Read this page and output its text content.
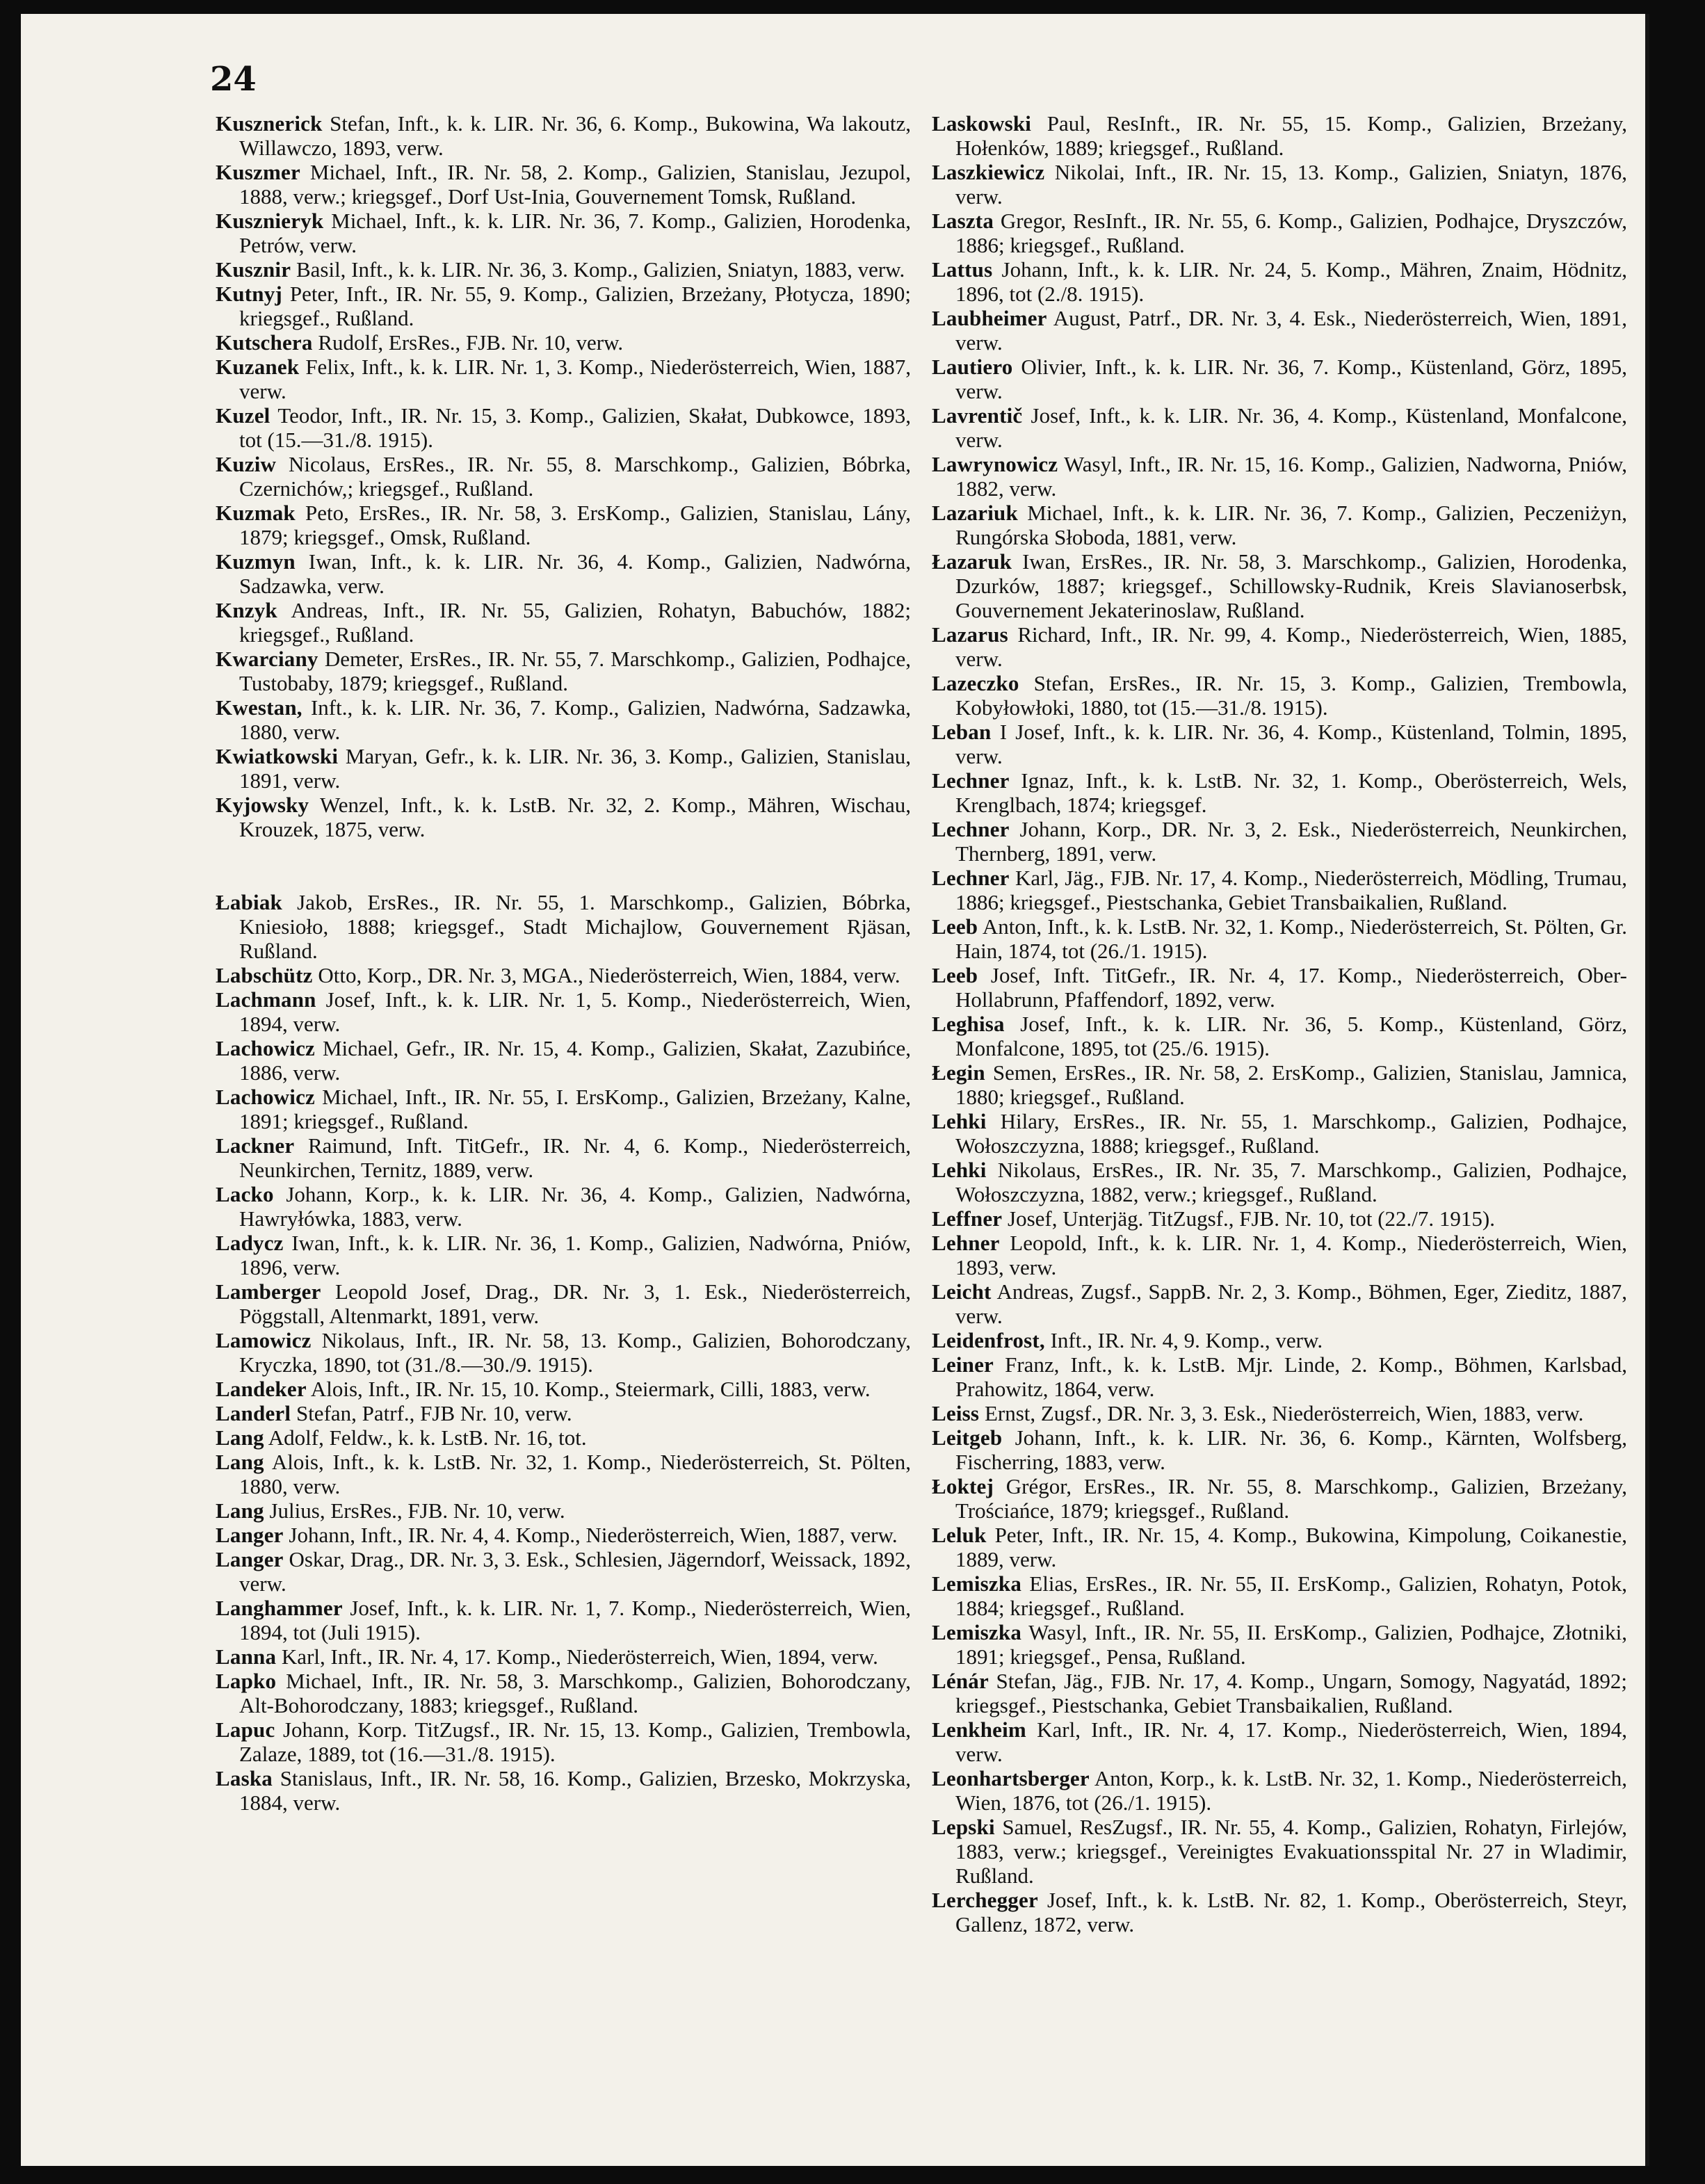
24

Kusznerick Stefan, Inft., k. k. LIR. Nr. 36, 6. Komp., Bukowina, Wa lakoutz, Willawczo, 1893, verw.

Kuszmer Michael, Inft., IR. Nr. 58, 2. Komp., Galizien, Stanislau, Jezupol, 1888, verw.; kriegsgef., Dorf Ust-Inia, Gouvernement Tomsk, Rußland.

Kusznieryk Michael, Inft., k. k. LIR. Nr. 36, 7. Komp., Galizien, Horodenka, Petrów, verw.

Kusznir Basil, Inft., k. k. LIR. Nr. 36, 3. Komp., Galizien, Sniatyn, 1883, verw.

Kutnyj Peter, Inft., IR. Nr. 55, 9. Komp., Galizien, Brzeżany, Płotycza, 1890; kriegsgef., Rußland.

Kutschera Rudolf, ErsRes., FJB. Nr. 10, verw.

Kuzanek Felix, Inft., k. k. LIR. Nr. 1, 3. Komp., Niederösterreich, Wien, 1887, verw.

Kuzel Teodor, Inft., IR. Nr. 15, 3. Komp., Galizien, Skałat, Dubkowce, 1893, tot (15.—31./8. 1915).

Kuziw Nicolaus, ErsRes., IR. Nr. 55, 8. Marschkomp., Galizien, Bóbrka, Czernichów,; kriegsgef., Rußland.

Kuzmak Peto, ErsRes., IR. Nr. 58, 3. ErsKomp., Galizien, Stanislau, Lány, 1879; kriegsgef., Omsk, Rußland.

Kuzmyn Iwan, Inft., k. k. LIR. Nr. 36, 4. Komp., Galizien, Nadwórna, Sadzawka, verw.

Knzyk Andreas, Inft., IR. Nr. 55, Galizien, Rohatyn, Babuchów, 1882; kriegsgef., Rußland.

Kwarciany Demeter, ErsRes., IR. Nr. 55, 7. Marschkomp., Galizien, Podhajce, Tustobaby, 1879; kriegsgef., Rußland.

Kwestan, Inft., k. k. LIR. Nr. 36, 7. Komp., Galizien, Nadwórna, Sadzawka, 1880, verw.

Kwiatkowski Maryan, Gefr., k. k. LIR. Nr. 36, 3. Komp., Galizien, Stanislau, 1891, verw.

Kyjowsky Wenzel, Inft., k. k. LstB. Nr. 32, 2. Komp., Mähren, Wischau, Krouzek, 1875, verw.

Łabiak Jakob, ErsRes., IR. Nr. 55, 1. Marschkomp., Galizien, Bóbrka, Kniesioło, 1888; kriegsgef., Stadt Michajlow, Gouvernement Rjäsan, Rußland.

Labschütz Otto, Korp., DR. Nr. 3, MGA., Niederösterreich, Wien, 1884, verw.

Lachmann Josef, Inft., k. k. LIR. Nr. 1, 5. Komp., Niederösterreich, Wien, 1894, verw.

Lachowicz Michael, Gefr., IR. Nr. 15, 4. Komp., Galizien, Skałat, Zazubińce, 1886, verw.

Lachowicz Michael, Inft., IR. Nr. 55, I. ErsKomp., Galizien, Brzeżany, Kalne, 1891; kriegsgef., Rußland.

Lackner Raimund, Inft. TitGefr., IR. Nr. 4, 6. Komp., Niederösterreich, Neunkirchen, Ternitz, 1889, verw.

Lacko Johann, Korp., k. k. LIR. Nr. 36, 4. Komp., Galizien, Nadwórna, Hawryłówka, 1883, verw.

Ladycz Iwan, Inft., k. k. LIR. Nr. 36, 1. Komp., Galizien, Nadwórna, Pniów, 1896, verw.

Lamberger Leopold Josef, Drag., DR. Nr. 3, 1. Esk., Niederösterreich, Pöggstall, Altenmarkt, 1891, verw.

Lamowicz Nikolaus, Inft., IR. Nr. 58, 13. Komp., Galizien, Bohorodczany, Kryczka, 1890, tot (31./8.—30./9. 1915).

Landeker Alois, Inft., IR. Nr. 15, 10. Komp., Steiermark, Cilli, 1883, verw.

Landerl Stefan, Patrf., FJB Nr. 10, verw.

Lang Adolf, Feldw., k. k. LstB. Nr. 16, tot.

Lang Alois, Inft., k. k. LstB. Nr. 32, 1. Komp., Niederösterreich, St. Pölten, 1880, verw.

Lang Julius, ErsRes., FJB. Nr. 10, verw.

Langer Johann, Inft., IR. Nr. 4, 4. Komp., Niederösterreich, Wien, 1887, verw.

Langer Oskar, Drag., DR. Nr. 3, 3. Esk., Schlesien, Jägerndorf, Weissack, 1892, verw.

Langhammer Josef, Inft., k. k. LIR. Nr. 1, 7. Komp., Niederösterreich, Wien, 1894, tot (Juli 1915).

Lanna Karl, Inft., IR. Nr. 4, 17. Komp., Niederösterreich, Wien, 1894, verw.

Lapko Michael, Inft., IR. Nr. 58, 3. Marschkomp., Galizien, Bohorodczany, Alt-Bohorodczany, 1883; kriegsgef., Rußland.

Lapuc Johann, Korp. TitZugsf., IR. Nr. 15, 13. Komp., Galizien, Trembowla, Zalaze, 1889, tot (16.—31./8. 1915).

Laska Stanislaus, Inft., IR. Nr. 58, 16. Komp., Galizien, Brzesko, Mokrzyska, 1884, verw.

Laskowski Paul, ResInft., IR. Nr. 55, 15. Komp., Galizien, Brzeżany, Hołenków, 1889; kriegsgef., Rußland.

Laszkiewicz Nikolai, Inft., IR. Nr. 15, 13. Komp., Galizien, Sniatyn, 1876, verw.

Laszta Gregor, ResInft., IR. Nr. 55, 6. Komp., Galizien, Podhajce, Dryszczów, 1886; kriegsgef., Rußland.

Lattus Johann, Inft., k. k. LIR. Nr. 24, 5. Komp., Mähren, Znaim, Hödnitz, 1896, tot (2./8. 1915).

Laubheimer August, Patrf., DR. Nr. 3, 4. Esk., Niederösterreich, Wien, 1891, verw.

Lautiero Olivier, Inft., k. k. LIR. Nr. 36, 7. Komp., Küstenland, Görz, 1895, verw.

Lavrentič Josef, Inft., k. k. LIR. Nr. 36, 4. Komp., Küstenland, Monfalcone, verw.

Lawrynowicz Wasyl, Inft., IR. Nr. 15, 16. Komp., Galizien, Nadworna, Pniów, 1882, verw.

Lazariuk Michael, Inft., k. k. LIR. Nr. 36, 7. Komp., Galizien, Peczeniżyn, Rungórska Słoboda, 1881, verw.

Łazaruk Iwan, ErsRes., IR. Nr. 58, 3. Marschkomp., Galizien, Horodenka, Dzurków, 1887; kriegsgef., Schillowsky-Rudnik, Kreis Slavianoserbsk, Gouvernement Jekaterinoslaw, Rußland.

Lazarus Richard, Inft., IR. Nr. 99, 4. Komp., Niederösterreich, Wien, 1885, verw.

Lazeczko Stefan, ErsRes., IR. Nr. 15, 3. Komp., Galizien, Trembowla, Kobyłowłoki, 1880, tot (15.—31./8. 1915).

Leban I Josef, Inft., k. k. LIR. Nr. 36, 4. Komp., Küstenland, Tolmin, 1895, verw.

Lechner Ignaz, Inft., k. k. LstB. Nr. 32, 1. Komp., Oberösterreich, Wels, Krenglbach, 1874; kriegsgef.

Lechner Johann, Korp., DR. Nr. 3, 2. Esk., Niederösterreich, Neunkirchen, Thernberg, 1891, verw.

Lechner Karl, Jäg., FJB. Nr. 17, 4. Komp., Niederösterreich, Mödling, Trumau, 1886; kriegsgef., Piestschanka, Gebiet Transbaikalien, Rußland.

Leeb Anton, Inft., k. k. LstB. Nr. 32, 1. Komp., Niederösterreich, St. Pölten, Gr. Hain, 1874, tot (26./1. 1915).

Leeb Josef, Inft. TitGefr., IR. Nr. 4, 17. Komp., Niederösterreich, Ober-Hollabrunn, Pfaffendorf, 1892, verw.

Leghisa Josef, Inft., k. k. LIR. Nr. 36, 5. Komp., Küstenland, Görz, Monfalcone, 1895, tot (25./6. 1915).

Łegin Semen, ErsRes., IR. Nr. 58, 2. ErsKomp., Galizien, Stanislau, Jamnica, 1880; kriegsgef., Rußland.

Lehki Hilary, ErsRes., IR. Nr. 55, 1. Marschkomp., Galizien, Podhajce, Wołoszczyzna, 1888; kriegsgef., Rußland.

Lehki Nikolaus, ErsRes., IR. Nr. 35, 7. Marschkomp., Galizien, Podhajce, Wołoszczyzna, 1882, verw.; kriegsgef., Rußland.

Leffner Josef, Unterjäg. TitZugsf., FJB. Nr. 10, tot (22./7. 1915).

Lehner Leopold, Inft., k. k. LIR. Nr. 1, 4. Komp., Niederösterreich, Wien, 1893, verw.

Leicht Andreas, Zugsf., SappB. Nr. 2, 3. Komp., Böhmen, Eger, Zieditz, 1887, verw.

Leidenfrost, Inft., IR. Nr. 4, 9. Komp., verw.

Leiner Franz, Inft., k. k. LstB. Mjr. Linde, 2. Komp., Böhmen, Karlsbad, Prahowitz, 1864, verw.

Leiss Ernst, Zugsf., DR. Nr. 3, 3. Esk., Niederösterreich, Wien, 1883, verw.

Leitgeb Johann, Inft., k. k. LIR. Nr. 36, 6. Komp., Kärnten, Wolfsberg, Fischerring, 1883, verw.

Łoktej Grégor, ErsRes., IR. Nr. 55, 8. Marschkomp., Galizien, Brzeżany, Trościańce, 1879; kriegsgef., Rußland.

Leluk Peter, Inft., IR. Nr. 15, 4. Komp., Bukowina, Kimpolung, Coikanestie, 1889, verw.

Lemiszka Elias, ErsRes., IR. Nr. 55, II. ErsKomp., Galizien, Rohatyn, Potok, 1884; kriegsgef., Rußland.

Lemiszka Wasyl, Inft., IR. Nr. 55, II. ErsKomp., Galizien, Podhajce, Złotniki, 1891; kriegsgef., Pensa, Rußland.

Lénár Stefan, Jäg., FJB. Nr. 17, 4. Komp., Ungarn, Somogy, Nagyatád, 1892; kriegsgef., Piestschanka, Gebiet Transbaikalien, Rußland.

Lenkheim Karl, Inft., IR. Nr. 4, 17. Komp., Niederösterreich, Wien, 1894, verw.

Leonhartsberger Anton, Korp., k. k. LstB. Nr. 32, 1. Komp., Niederösterreich, Wien, 1876, tot (26./1. 1915).

Lepski Samuel, ResZugsf., IR. Nr. 55, 4. Komp., Galizien, Rohatyn, Firlejów, 1883, verw.; kriegsgef., Vereinigtes Evakuationsspital Nr. 27 in Wladimir, Rußland.

Lerchegger Josef, Inft., k. k. LstB. Nr. 82, 1. Komp., Oberösterreich, Steyr, Gallenz, 1872, verw.
